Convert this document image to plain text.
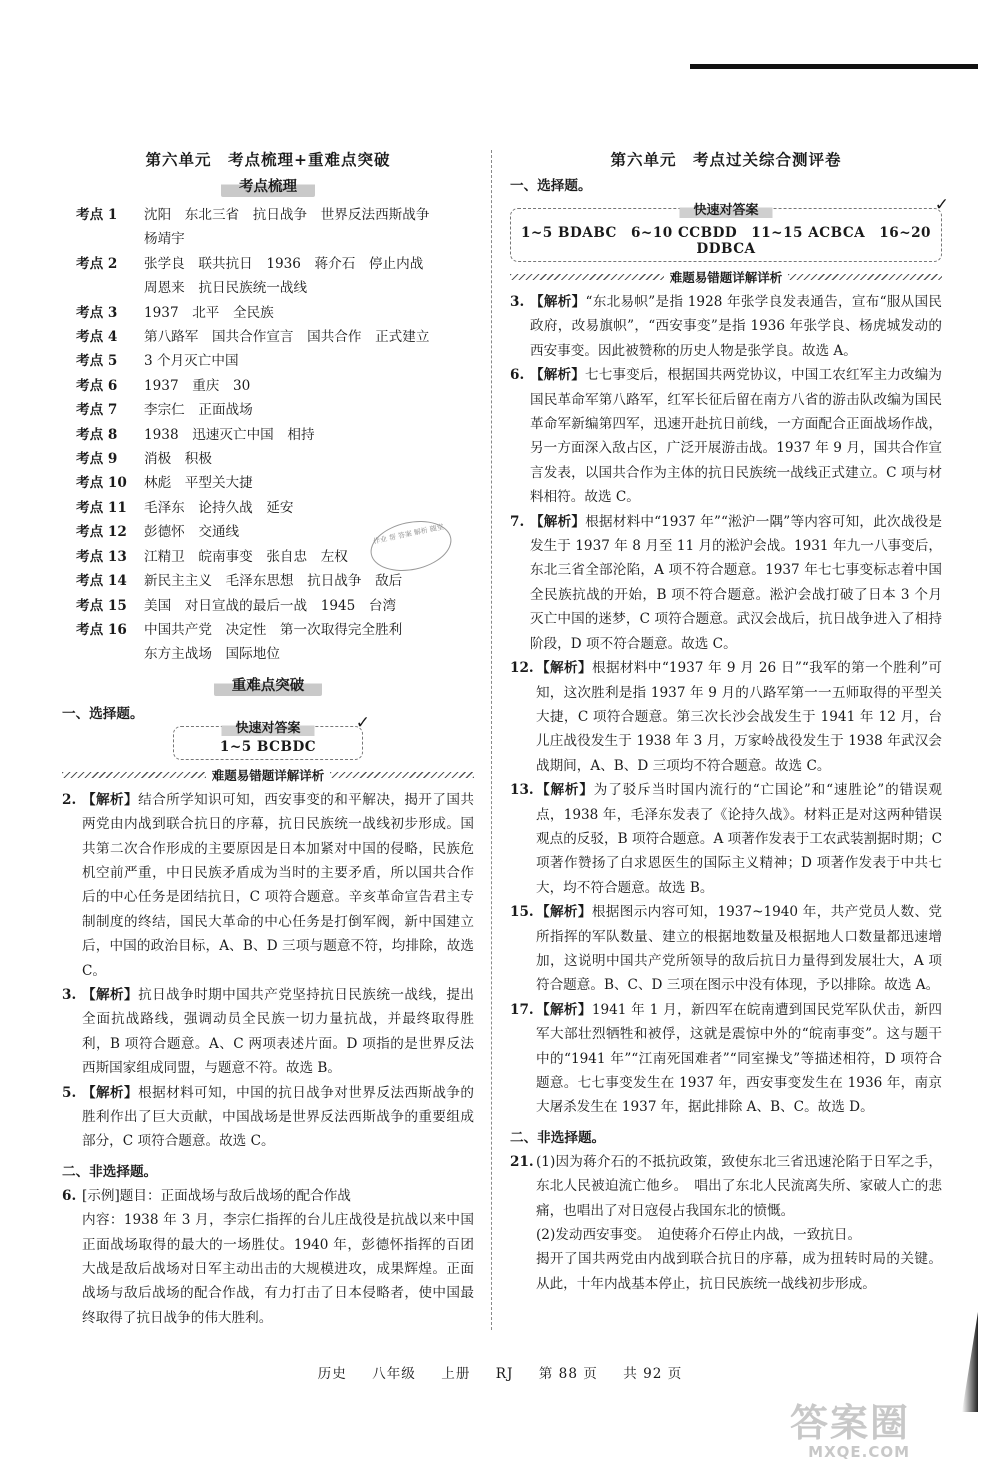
第六单元　考点梳理+重难点突破
考点梳理
考点 1	沈阳　东北三省　抗日战争　世界反法西斯战争
杨靖宇
考点 2	张学良　联共抗日　1936　蒋介石　停止内战
周恩来　抗日民族统一战线
考点 3	1937　北平　全民族
考点 4	第八路军　国共合作宣言　国共合作　正式建立
考点 5	3 个月灭亡中国
考点 6	1937　重庆　30
考点 7	李宗仁　正面战场
考点 8	1938　迅速灭亡中国　相持
考点 9	消极　积极
考点 10	林彪　平型关大捷
考点 11	毛泽东　论持久战　延安
考点 12	彭德怀　交通线
考点 13	江精卫　皖南事变　张自忠　左权
考点 14	新民主主义　毛泽东思想　抗日战争　敌后
考点 15	美国　对日宣战的最后一战　1945　台湾
考点 16	中国共产党　决定性　第一次取得完全胜利
东方主战场　国际地位
重难点突破
一、选择题。
快速对答案
1~5 BCBDC
✓
难题易错题详解详析
2. 【解析】结合所学知识可知，西安事变的和平解决，揭开了国共两党由内战到联合抗日的序幕，抗日民族统一战线初步形成。国共第二次合作形成的主要原因是日本加紧对中国的侵略，民族危机空前严重，中日民族矛盾成为当时的主要矛盾，所以国共合作后的中心任务是团结抗日，C 项符合题意。辛亥革命宣告君主专制制度的终结，国民大革命的中心任务是打倒军阀，新中国建立后，中国的政治目标，A、B、D 三项与题意不符，均排除，故选 C。
3. 【解析】抗日战争时期中国共产党坚持抗日民族统一战线，提出全面抗战路线，强调动员全民族一切力量抗战，并最终取得胜利，B 项符合题意。A、C 两项表述片面。D 项指的是世界反法西斯国家组成同盟，与题意不符。故选 B。
5. 【解析】根据材料可知，中国的抗日战争对世界反法西斯战争的胜利作出了巨大贡献，中国战场是世界反法西斯战争的重要组成部分，C 项符合题意。故选 C。
二、非选择题。
6. [示例]题目：正面战场与敌后战场的配合作战
内容：1938 年 3 月，李宗仁指挥的台儿庄战役是抗战以来中国正面战场取得的最大的一场胜仗。1940 年，彭德怀指挥的百团大战是敌后战场对日军主动出击的大规模进攻，成果辉煌。正面战场与敌后战场的配合作战，有力打击了日本侵略者，使中国最终取得了抗日战争的伟大胜利。
作业 帮 答案 解析 随堂
第六单元　考点过关综合测评卷
一、选择题。
快速对答案
1~5 BDABC　6~10 CCBDD　11~15 ACBCA　16~20 DDBCA
✓
难题易错题详解详析
3. 【解析】“东北易帜”是指 1928 年张学良发表通告，宣布“服从国民政府，改易旗帜”，“西安事变”是指 1936 年张学良、杨虎城发动的西安事变。因此被赞称的历史人物是张学良。故选 A。
6. 【解析】七七事变后，根据国共两党协议，中国工农红军主力改编为国民革命军第八路军，红军长征后留在南方八省的游击队改编为国民革命军新编第四军，迅速开赴抗日前线，一方面配合正面战场作战，另一方面深入敌占区，广泛开展游击战。1937 年 9 月，国共合作宣言发表，以国共合作为主体的抗日民族统一战线正式建立。C 项与材料相符。故选 C。
7. 【解析】根据材料中“1937 年”“淞沪一隅”等内容可知，此次战役是发生于 1937 年 8 月至 11 月的淞沪会战。1931 年九一八事变后，东北三省全部沦陷，A 项不符合题意。1937 年七七事变标志着中国全民族抗战的开始，B 项不符合题意。淞沪会战打破了日本 3 个月灭亡中国的迷梦，C 项符合题意。武汉会战后，抗日战争进入了相持阶段，D 项不符合题意。故选 C。
12. 【解析】根据材料中“1937 年 9 月 26 日”“我军的第一个胜利”可知，这次胜利是指 1937 年 9 月的八路军第一一五师取得的平型关大捷，C 项符合题意。第三次长沙会战发生于 1941 年 12 月，台儿庄战役发生于 1938 年 3 月，万家岭战役发生于 1938 年武汉会战期间，A、B、D 三项均不符合题意。故选 C。
13. 【解析】为了驳斥当时国内流行的“亡国论”和“速胜论”的错误观点，1938 年，毛泽东发表了《论持久战》。材料正是对这两种错误观点的反驳，B 项符合题意。A 项著作发表于工农武装割据时期；C 项著作赞扬了白求恩医生的国际主义精神；D 项著作发表于中共七大，均不符合题意。故选 B。
15. 【解析】根据图示内容可知，1937~1940 年，共产党员人数、党所指挥的军队数量、建立的根据地数量及根据地人口数量都迅速增加，这说明中国共产党所领导的敌后抗日力量得到发展壮大，A 项符合题意。B、C、D 三项在图示中没有体现，予以排除。故选 A。
17. 【解析】1941 年 1 月，新四军在皖南遭到国民党军队伏击，新四军大部壮烈牺牲和被俘，这就是震惊中外的“皖南事变”。这与题干中的“1941 年”“江南死国难者”“同室操戈”等描述相符，D 项符合题意。七七事变发生在 1937 年，西安事变发生在 1936 年，南京大屠杀发生在 1937 年，据此排除 A、B、C。故选 D。
二、非选择题。
21. (1)因为蒋介石的不抵抗政策，致使东北三省迅速沦陷于日军之手，东北人民被迫流亡他乡。　唱出了东北人民流离失所、家破人亡的悲痛，也唱出了对日寇侵占我国东北的愤慨。
(2)发动西安事变。　迫使蒋介石停止内战，一致抗日。
揭开了国共两党由内战到联合抗日的序幕，成为扭转时局的关键。从此，十年内战基本停止，抗日民族统一战线初步形成。
历史 八年级 上册 RJ 第 88 页 共 92 页
答案圈
MXQE.COM
